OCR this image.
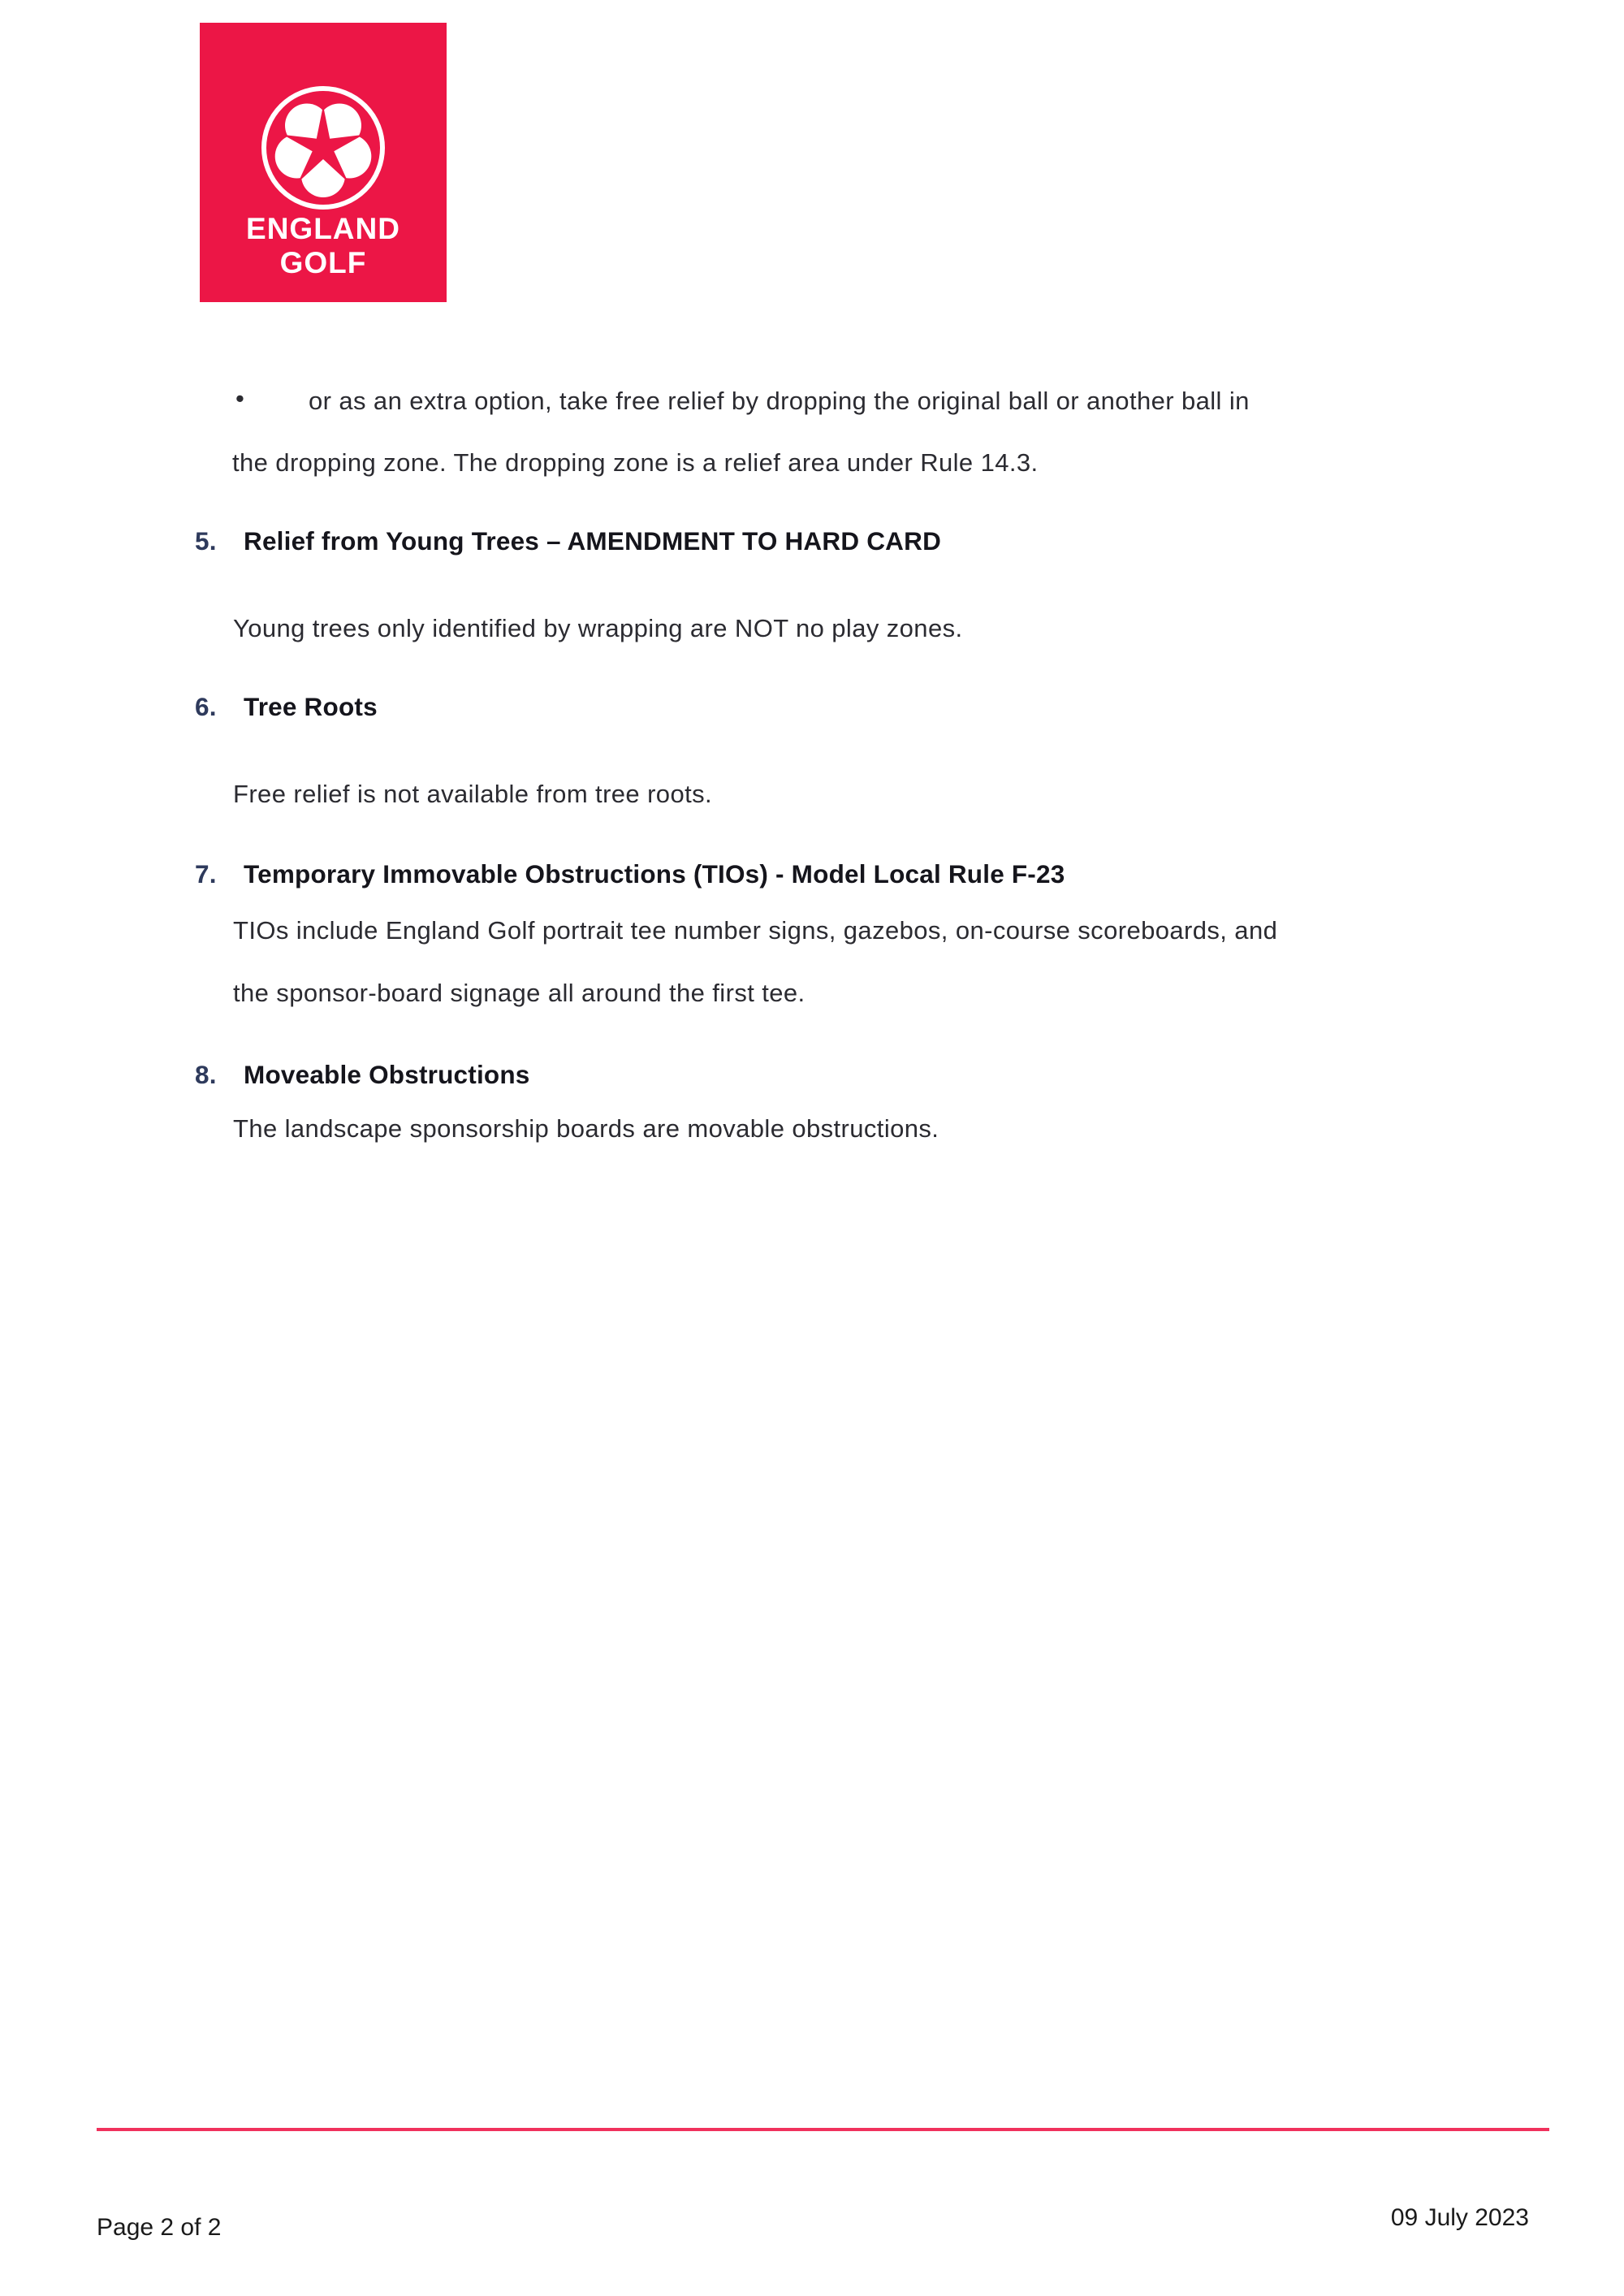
ENGLAND
GOLF
•	or as an extra option, take free relief by dropping the original ball or another ball in
the dropping zone. The dropping zone is a relief area under Rule 14.3.
5. Relief from Young Trees – AMENDMENT TO HARD CARD
Young trees only identified by wrapping are NOT no play zones.
6. Tree Roots
Free relief is not available from tree roots.
7. Temporary Immovable Obstructions (TIOs) - Model Local Rule F-23
TIOs include England Golf portrait tee number signs, gazebos, on-course scoreboards, and
the sponsor-board signage all around the first tee.
8. Moveable Obstructions
The landscape sponsorship boards are movable obstructions.
Page 2 of 2	09 July 2023
